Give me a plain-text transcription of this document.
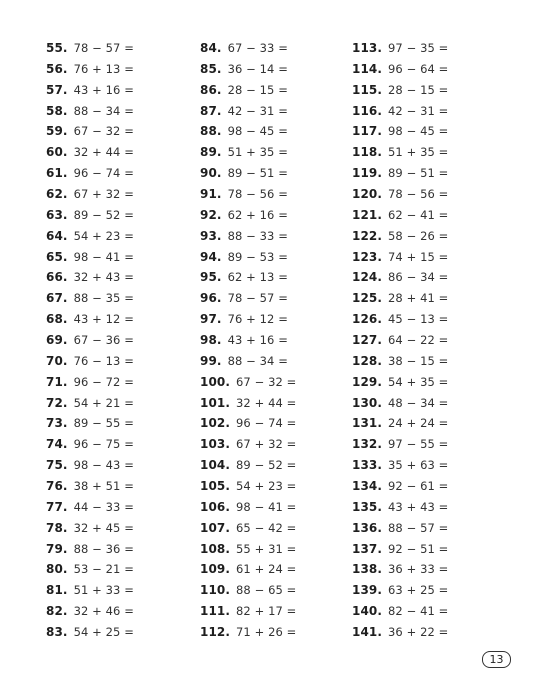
55. 78 − 57 =
56. 76 + 13 =
57. 43 + 16 =
58. 88 − 34 =
59. 67 − 32 =
60. 32 + 44 =
61. 96 − 74 =
62. 67 + 32 =
63. 89 − 52 =
64. 54 + 23 =
65. 98 − 41 =
66. 32 + 43 =
67. 88 − 35 =
68. 43 + 12 =
69. 67 − 36 =
70. 76 − 13 =
71. 96 − 72 =
72. 54 + 21 =
73. 89 − 55 =
74. 96 − 75 =
75. 98 − 43 =
76. 38 + 51 =
77. 44 − 33 =
78. 32 + 45 =
79. 88 − 36 =
80. 53 − 21 =
81. 51 + 33 =
82. 32 + 46 =
83. 54 + 25 =
84. 67 − 33 =
85. 36 − 14 =
86. 28 − 15 =
87. 42 − 31 =
88. 98 − 45 =
89. 51 + 35 =
90. 89 − 51 =
91. 78 − 56 =
92. 62 + 16 =
93. 88 − 33 =
94. 89 − 53 =
95. 62 + 13 =
96. 78 − 57 =
97. 76 + 12 =
98. 43 + 16 =
99. 88 − 34 =
100. 67 − 32 =
101. 32 + 44 =
102. 96 − 74 =
103. 67 + 32 =
104. 89 − 52 =
105. 54 + 23 =
106. 98 − 41 =
107. 65 − 42 =
108. 55 + 31 =
109. 61 + 24 =
110. 88 − 65 =
111. 82 + 17 =
112. 71 + 26 =
113. 97 − 35 =
114. 96 − 64 =
115. 28 − 15 =
116. 42 − 31 =
117. 98 − 45 =
118. 51 + 35 =
119. 89 − 51 =
120. 78 − 56 =
121. 62 − 41 =
122. 58 − 26 =
123. 74 + 15 =
124. 86 − 34 =
125. 28 + 41 =
126. 45 − 13 =
127. 64 − 22 =
128. 38 − 15 =
129. 54 + 35 =
130. 48 − 34 =
131. 24 + 24 =
132. 97 − 55 =
133. 35 + 63 =
134. 92 − 61 =
135. 43 + 43 =
136. 88 − 57 =
137. 92 − 51 =
138. 36 + 33 =
139. 63 + 25 =
140. 82 − 41 =
141. 36 + 22 =
13
